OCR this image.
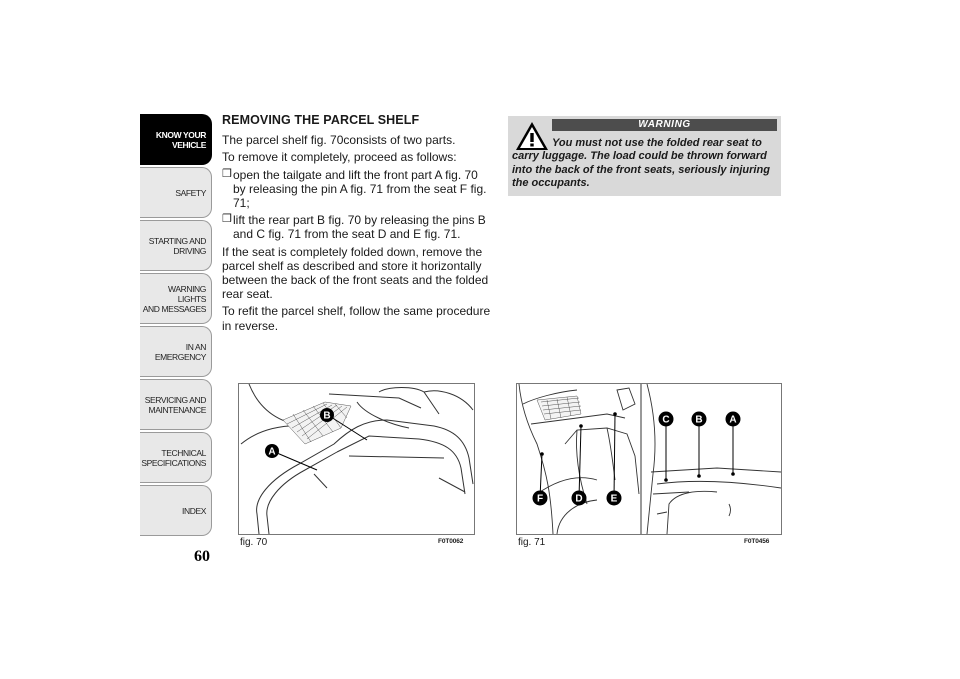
KNOW YOUR
VEHICLE
SAFETY
STARTING AND
DRIVING
WARNING LIGHTS
AND MESSAGES
IN AN EMERGENCY
SERVICING AND
MAINTENANCE
TECHNICAL
SPECIFICATIONS
INDEX
60
REMOVING THE PARCEL SHELF

The parcel shelf fig. 70consists of two parts.

To remove it completely, proceed as follows:

❒ open the tailgate and lift the front part A fig. 70 by releasing the pin A fig. 71 from the seat F fig. 71;
❒ lift the rear part B fig. 70 by releasing the pins B and C fig. 71 from the seat D and E fig. 71.

If the seat is completely folded down, remove the parcel shelf as described and store it horizontally between the back of the front seats and the folded rear seat.

To refit the parcel shelf, follow the same procedure in reverse.

WARNING
You must not use the folded rear seat to carry luggage. The load could be thrown forward into the back of the front seats, seriously injuring the occupants.
B
A
fig. 70	F0T0062
C	B	A
F	D	E
fig. 71	F0T0456
